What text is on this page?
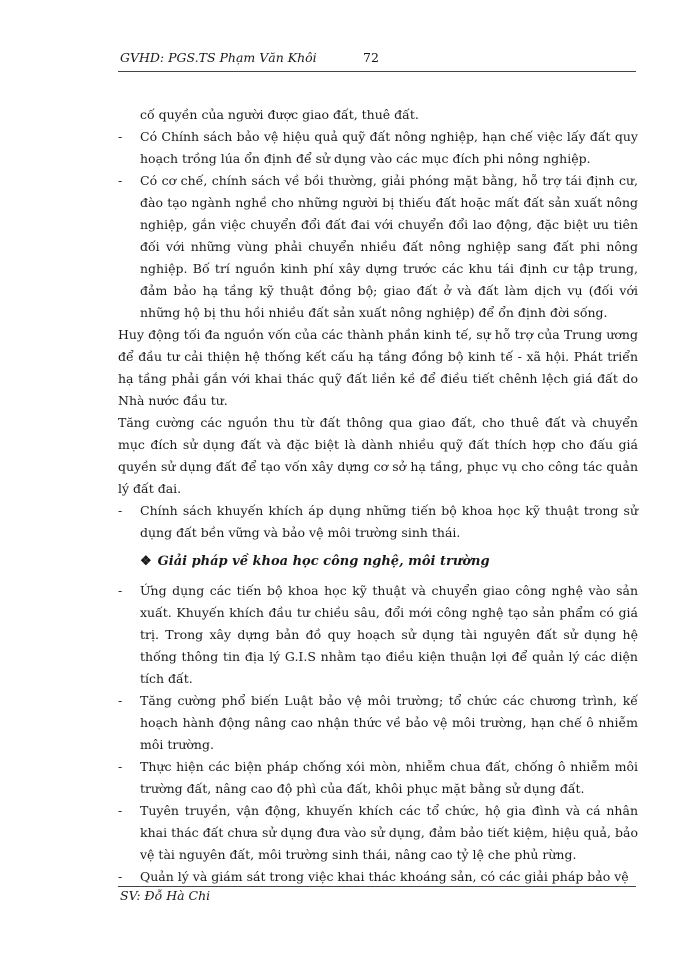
GVHD: PGS.TS Phạm Văn Khôi	72

cố quyền của người được giao đất, thuê đất.

- Có Chính sách bảo vệ hiệu quả quỹ đất nông nghiệp, hạn chế việc lấy đất quy hoạch trồng lúa ổn định để sử dụng vào các mục đích phi nông nghiệp.

- Có cơ chế, chính sách về bồi thường, giải phóng mặt bằng, hỗ trợ tái định cư, đào tạo ngành nghề cho những người bị thiếu đất hoặc mất đất sản xuất nông nghiệp, gắn việc chuyển đổi đất đai với chuyển đổi lao động, đặc biệt ưu tiên đối với những vùng phải chuyển nhiều đất nông nghiệp sang đất phi nông nghiệp. Bố trí nguồn kinh phí xây dựng trước các khu tái định cư tập trung, đảm bảo hạ tầng kỹ thuật đồng bộ; giao đất ở và đất làm dịch vụ (đối với những hộ bị thu hồi nhiều đất sản xuất nông nghiệp) để ổn định đời sống.

Huy động tối đa nguồn vốn của các thành phần kinh tế, sự hỗ trợ của Trung ương để đầu tư cải thiện hệ thống kết cấu hạ tầng đồng bộ kinh tế - xã hội. Phát triển hạ tầng phải gắn với khai thác quỹ đất liền kề để điều tiết chênh lệch giá đất do Nhà nước đầu tư.

Tăng cường các nguồn thu từ đất thông qua giao đất, cho thuê đất và chuyển mục đích sử dụng đất và đặc biệt là dành nhiều quỹ đất thích hợp cho đấu giá quyền sử dụng đất để tạo vốn xây dựng cơ sở hạ tầng, phục vụ cho công tác quản lý đất đai.

- Chính sách khuyến khích áp dụng những tiến bộ khoa học kỹ thuật trong sử dụng đất bền vững và bảo vệ môi trường sinh thái.

❖ Giải pháp về khoa học công nghệ, môi trường

- Ứng dụng các tiến bộ khoa học kỹ thuật và chuyển giao công nghệ vào sản xuất. Khuyến khích đầu tư chiều sâu, đổi mới công nghệ tạo sản phẩm có giá trị. Trong xây dựng bản đồ quy hoạch sử dụng tài nguyên đất sử dụng hệ thống thông tin địa lý G.I.S nhằm tạo điều kiện thuận lợi để quản lý các diện tích đất.

- Tăng cường phổ biến Luật bảo vệ môi trường; tổ chức các chương trình, kế hoạch hành động nâng cao nhận thức về bảo vệ môi trường, hạn chế ô nhiễm môi trường.

- Thực hiện các biện pháp chống xói mòn, nhiễm chua đất, chống ô nhiễm môi trường đất, nâng cao độ phì của đất, khôi phục mặt bằng sử dụng đất.

- Tuyên truyền, vận động, khuyến khích các tổ chức, hộ gia đình và cá nhân khai thác đất chưa sử dụng đưa vào sử dụng, đảm bảo tiết kiệm, hiệu quả, bảo vệ tài nguyên đất, môi trường sinh thái, nâng cao tỷ lệ che phủ rừng.

- Quản lý và giám sát trong việc khai thác khoáng sản, có các giải pháp bảo vệ

SV: Đỗ Hà Chi
